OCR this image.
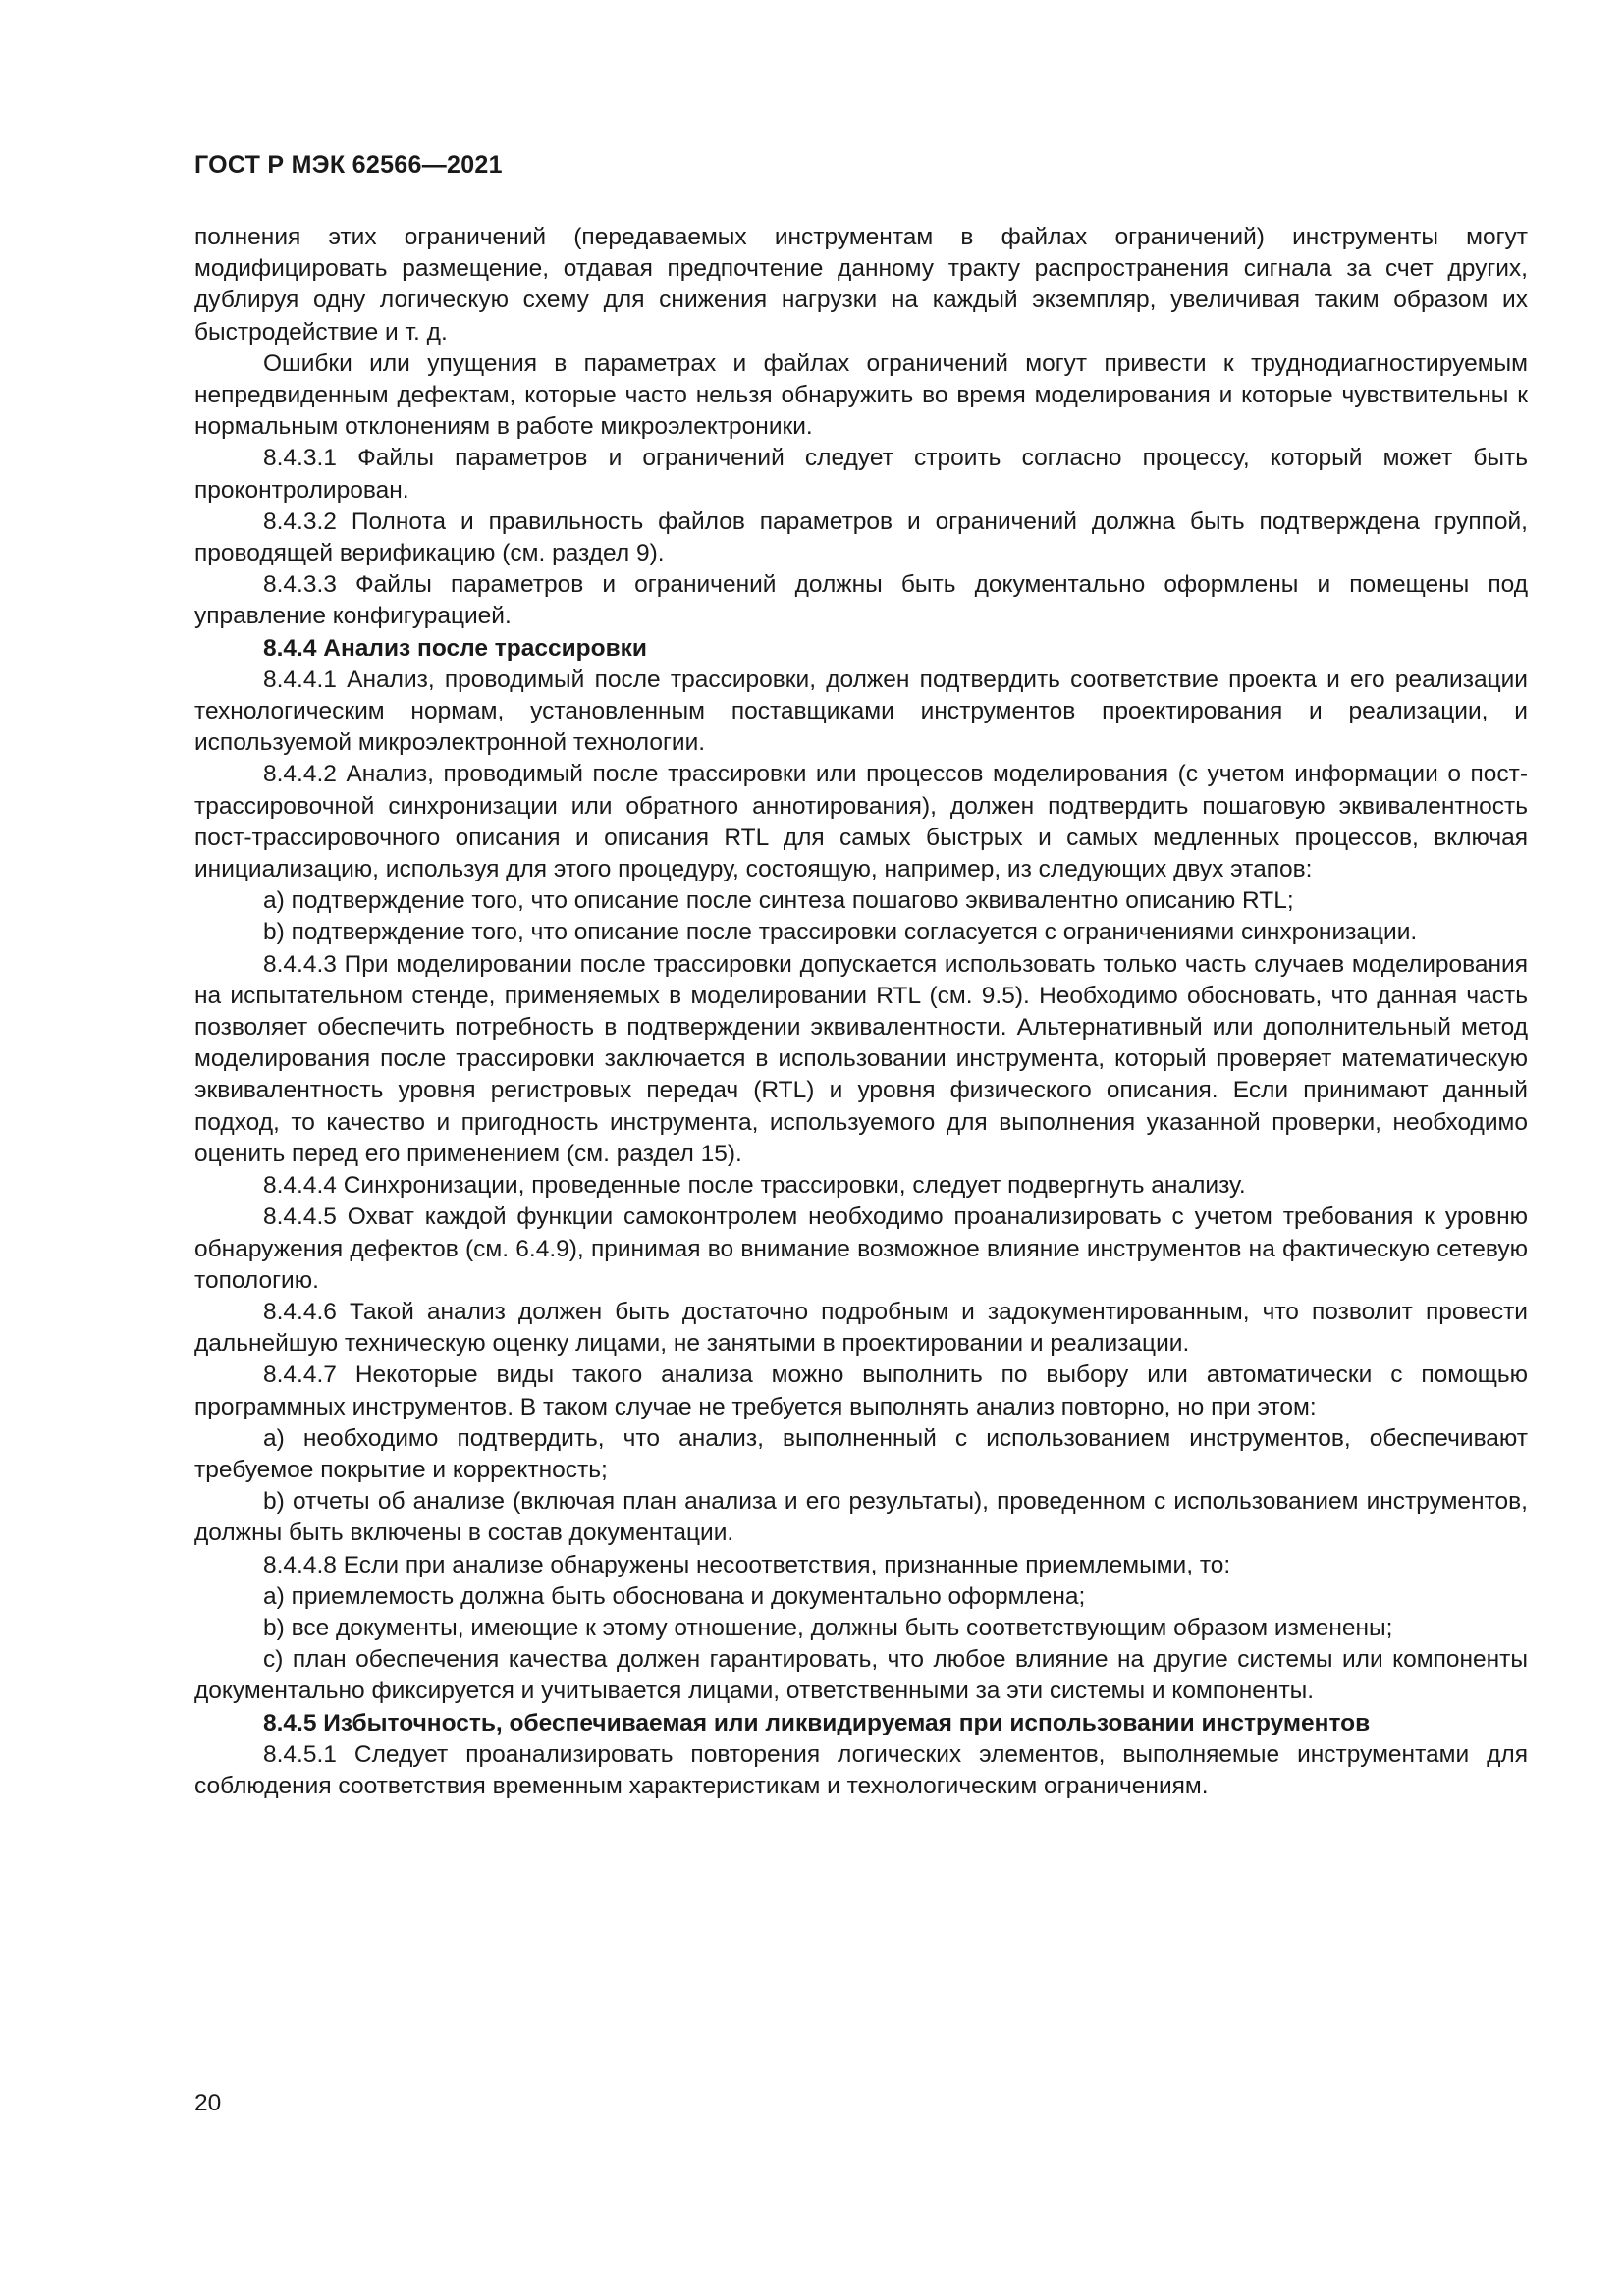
ГОСТ Р МЭК 62566—2021

полнения этих ограничений (передаваемых инструментам в файлах ограничений) инструменты могут модифицировать размещение, отдавая предпочтение данному тракту распространения сигнала за счет других, дублируя одну логическую схему для снижения нагрузки на каждый экземпляр, увеличивая таким образом их быстродействие и т. д.

Ошибки или упущения в параметрах и файлах ограничений могут привести к труднодиагностируемым непредвиденным дефектам, которые часто нельзя обнаружить во время моделирования и которые чувствительны к нормальным отклонениям в работе микроэлектроники.

8.4.3.1 Файлы параметров и ограничений следует строить согласно процессу, который может быть проконтролирован.

8.4.3.2 Полнота и правильность файлов параметров и ограничений должна быть подтверждена группой, проводящей верификацию (см. раздел 9).

8.4.3.3 Файлы параметров и ограничений должны быть документально оформлены и помещены под управление конфигурацией.

8.4.4 Анализ после трассировки

8.4.4.1 Анализ, проводимый после трассировки, должен подтвердить соответствие проекта и его реализации технологическим нормам, установленным поставщиками инструментов проектирования и реализации, и используемой микроэлектронной технологии.

8.4.4.2 Анализ, проводимый после трассировки или процессов моделирования (с учетом информации о пост-трассировочной синхронизации или обратного аннотирования), должен подтвердить пошаговую эквивалентность пост-трассировочного описания и описания RTL для самых быстрых и самых медленных процессов, включая инициализацию, используя для этого процедуру, состоящую, например, из следующих двух этапов:

a) подтверждение того, что описание после синтеза пошагово эквивалентно описанию RTL;

b) подтверждение того, что описание после трассировки согласуется с ограничениями синхронизации.

8.4.4.3 При моделировании после трассировки допускается использовать только часть случаев моделирования на испытательном стенде, применяемых в моделировании RTL (см. 9.5). Необходимо обосновать, что данная часть позволяет обеспечить потребность в подтверждении эквивалентности. Альтернативный или дополнительный метод моделирования после трассировки заключается в использовании инструмента, который проверяет математическую эквивалентность уровня регистровых передач (RTL) и уровня физического описания. Если принимают данный подход, то качество и пригодность инструмента, используемого для выполнения указанной проверки, необходимо оценить перед его применением (см. раздел 15).

8.4.4.4 Синхронизации, проведенные после трассировки, следует подвергнуть анализу.

8.4.4.5 Охват каждой функции самоконтролем необходимо проанализировать с учетом требования к уровню обнаружения дефектов (см. 6.4.9), принимая во внимание возможное влияние инструментов на фактическую сетевую топологию.

8.4.4.6 Такой анализ должен быть достаточно подробным и задокументированным, что позволит провести дальнейшую техническую оценку лицами, не занятыми в проектировании и реализации.

8.4.4.7 Некоторые виды такого анализа можно выполнить по выбору или автоматически с помощью программных инструментов. В таком случае не требуется выполнять анализ повторно, но при этом:

a) необходимо подтвердить, что анализ, выполненный с использованием инструментов, обеспечивают требуемое покрытие и корректность;

b) отчеты об анализе (включая план анализа и его результаты), проведенном с использованием инструментов, должны быть включены в состав документации.

8.4.4.8 Если при анализе обнаружены несоответствия, признанные приемлемыми, то:

a) приемлемость должна быть обоснована и документально оформлена;

b) все документы, имеющие к этому отношение, должны быть соответствующим образом изменены;

c) план обеспечения качества должен гарантировать, что любое влияние на другие системы или компоненты документально фиксируется и учитывается лицами, ответственными за эти системы и компоненты.

8.4.5 Избыточность, обеспечиваемая или ликвидируемая при использовании инструментов

8.4.5.1 Следует проанализировать повторения логических элементов, выполняемые инструментами для соблюдения соответствия временным характеристикам и технологическим ограничениям.

20
